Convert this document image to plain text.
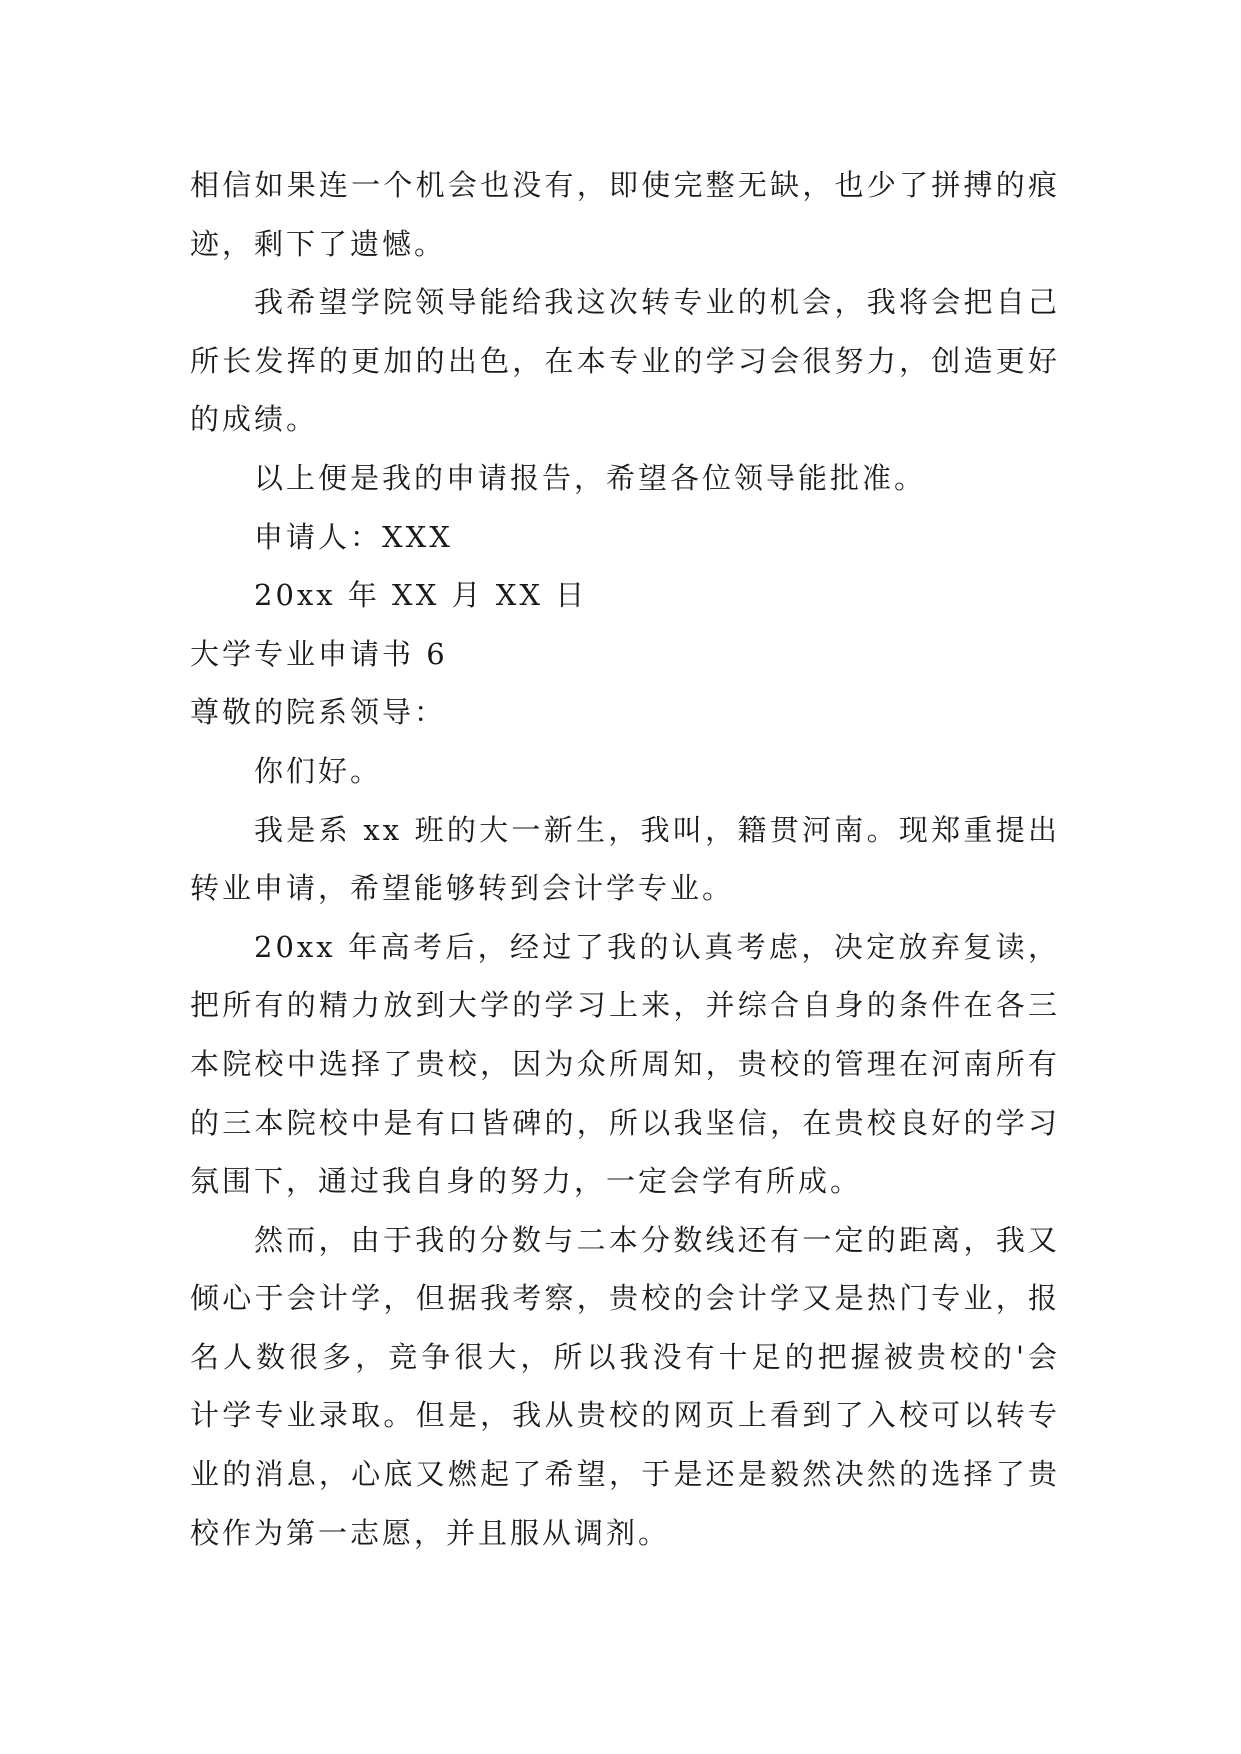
相信如果连一个机会也没有，即使完整无缺，也少了拼搏的痕迹，剩下了遗憾。

我希望学院领导能给我这次转专业的机会，我将会把自己所长发挥的更加的出色，在本专业的学习会很努力，创造更好的成绩。

以上便是我的申请报告，希望各位领导能批准。

申请人：XXX

20xx 年 XX 月 XX 日

大学专业申请书 6

尊敬的院系领导：

你们好。

我是系 xx 班的大一新生，我叫，籍贯河南。现郑重提出转业申请，希望能够转到会计学专业。

20xx 年高考后，经过了我的认真考虑，决定放弃复读，把所有的精力放到大学的学习上来，并综合自身的条件在各三本院校中选择了贵校，因为众所周知，贵校的管理在河南所有的三本院校中是有口皆碑的，所以我坚信，在贵校良好的学习氛围下，通过我自身的努力，一定会学有所成。

然而，由于我的分数与二本分数线还有一定的距离，我又倾心于会计学，但据我考察，贵校的会计学又是热门专业，报名人数很多，竞争很大，所以我没有十足的把握被贵校的'会计学专业录取。但是，我从贵校的网页上看到了入校可以转专业的消息，心底又燃起了希望，于是还是毅然决然的选择了贵校作为第一志愿，并且服从调剂。
